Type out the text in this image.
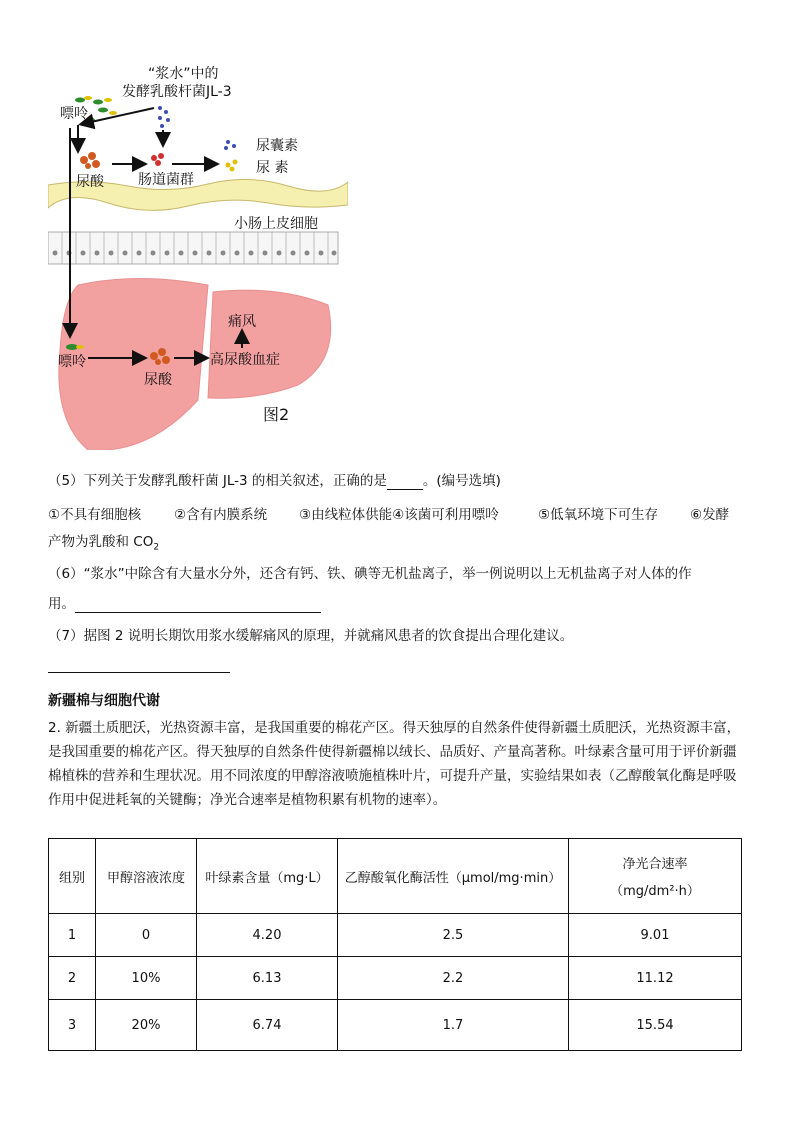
“浆水”中的
发酵乳酸杆菌JL-3
嘌呤
尿酸 肠道菌群
尿囊素
尿 素
小肠上皮细胞
痛风
嘌呤
尿酸
高尿酸血症
图2
（5）下列关于发酵乳酸杆菌 JL-3 的相关叙述，正确的是	。(编号选填)
①不具有细胞核 ②含有内膜系统 ③由线粒体供能④该菌可利用嘌呤	⑤低氧环境下可生存 ⑥发酵
产物为乳酸和 $CO_2$
（6）“浆水”中除含有大量水分外，还含有钙、铁、碘等无机盐离子，举一例说明以上无机盐离子对人体的作
用。
（7）据图 2 说明长期饮用浆水缓解痛风的原理，并就痛风患者的饮食提出合理化建议。
新疆棉与细胞代谢
2. 新疆土质肥沃，光热资源丰富，是我国重要的棉花产区。得天独厚的自然条件使得新疆土质肥沃，光热资源丰富，是我国重要的棉花产区。得天独厚的自然条件使得新疆棉以绒长、品质好、产量高著称。叶绿素含量可用于评价新疆棉植株的营养和生理状况。用不同浓度的甲醇溶液喷施植株叶片，可提升产量，实验结果如表（乙醇酸氧化酶是呼吸作用中促进耗氧的关键酶；净光合速率是植物积累有机物的速率）。
组别	甲醇溶液浓度	叶绿素含量（mg·L）	乙醇酸氧化酶活性（μmol/mg·min）	净光合速率
（mg/dm²·h）

1	0	4.20	2.5	9.01
2	10%	6.13	2.2	11.12
3	20%	6.74	1.7	15.54
